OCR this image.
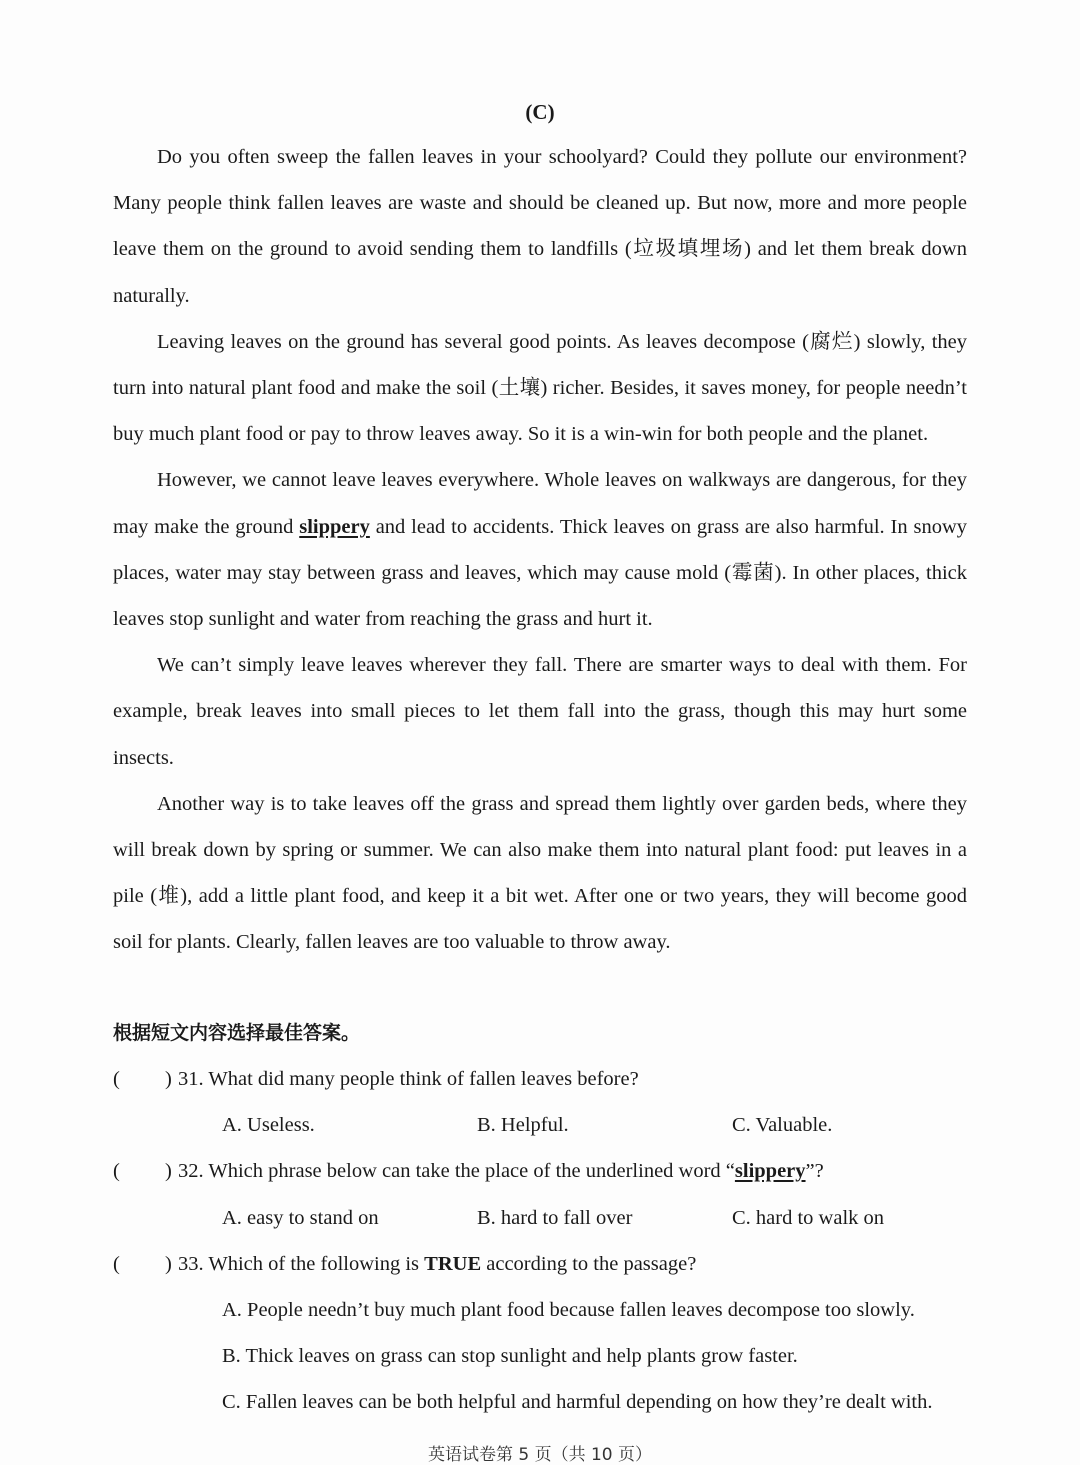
(C)

Do you often sweep the fallen leaves in your schoolyard? Could they pollute our environment? Many people think fallen leaves are waste and should be cleaned up. But now, more and more people leave them on the ground to avoid sending them to landfills (垃圾填埋场) and let them break down naturally.

Leaving leaves on the ground has several good points. As leaves decompose (腐烂) slowly, they turn into natural plant food and make the soil (土壤) richer. Besides, it saves money, for people needn’t buy much plant food or pay to throw leaves away. So it is a win-win for both people and the planet.

However, we cannot leave leaves everywhere. Whole leaves on walkways are dangerous, for they may make the ground slippery and lead to accidents. Thick leaves on grass are also harmful. In snowy places, water may stay between grass and leaves, which may cause mold (霉菌). In other places, thick leaves stop sunlight and water from reaching the grass and hurt it.

We can’t simply leave leaves wherever they fall. There are smarter ways to deal with them. For example, break leaves into small pieces to let them fall into the grass, though this may hurt some insects.

Another way is to take leaves off the grass and spread them lightly over garden beds, where they will break down by spring or summer. We can also make them into natural plant food: put leaves in a pile (堆), add a little plant food, and keep it a bit wet. After one or two years, they will become good soil for plants. Clearly, fallen leaves are too valuable to throw away.

根据短文内容选择最佳答案。
( ) 31. What did many people think of fallen leaves before?
A. Useless.	B. Helpful.	C. Valuable.
( ) 32. Which phrase below can take the place of the underlined word “slippery”?
A. easy to stand on	B. hard to fall over	C. hard to walk on
( ) 33. Which of the following is TRUE according to the passage?
A. People needn’t buy much plant food because fallen leaves decompose too slowly.
B. Thick leaves on grass can stop sunlight and help plants grow faster.
C. Fallen leaves can be both helpful and harmful depending on how they’re dealt with.
英语试卷第 5 页（共 10 页）
